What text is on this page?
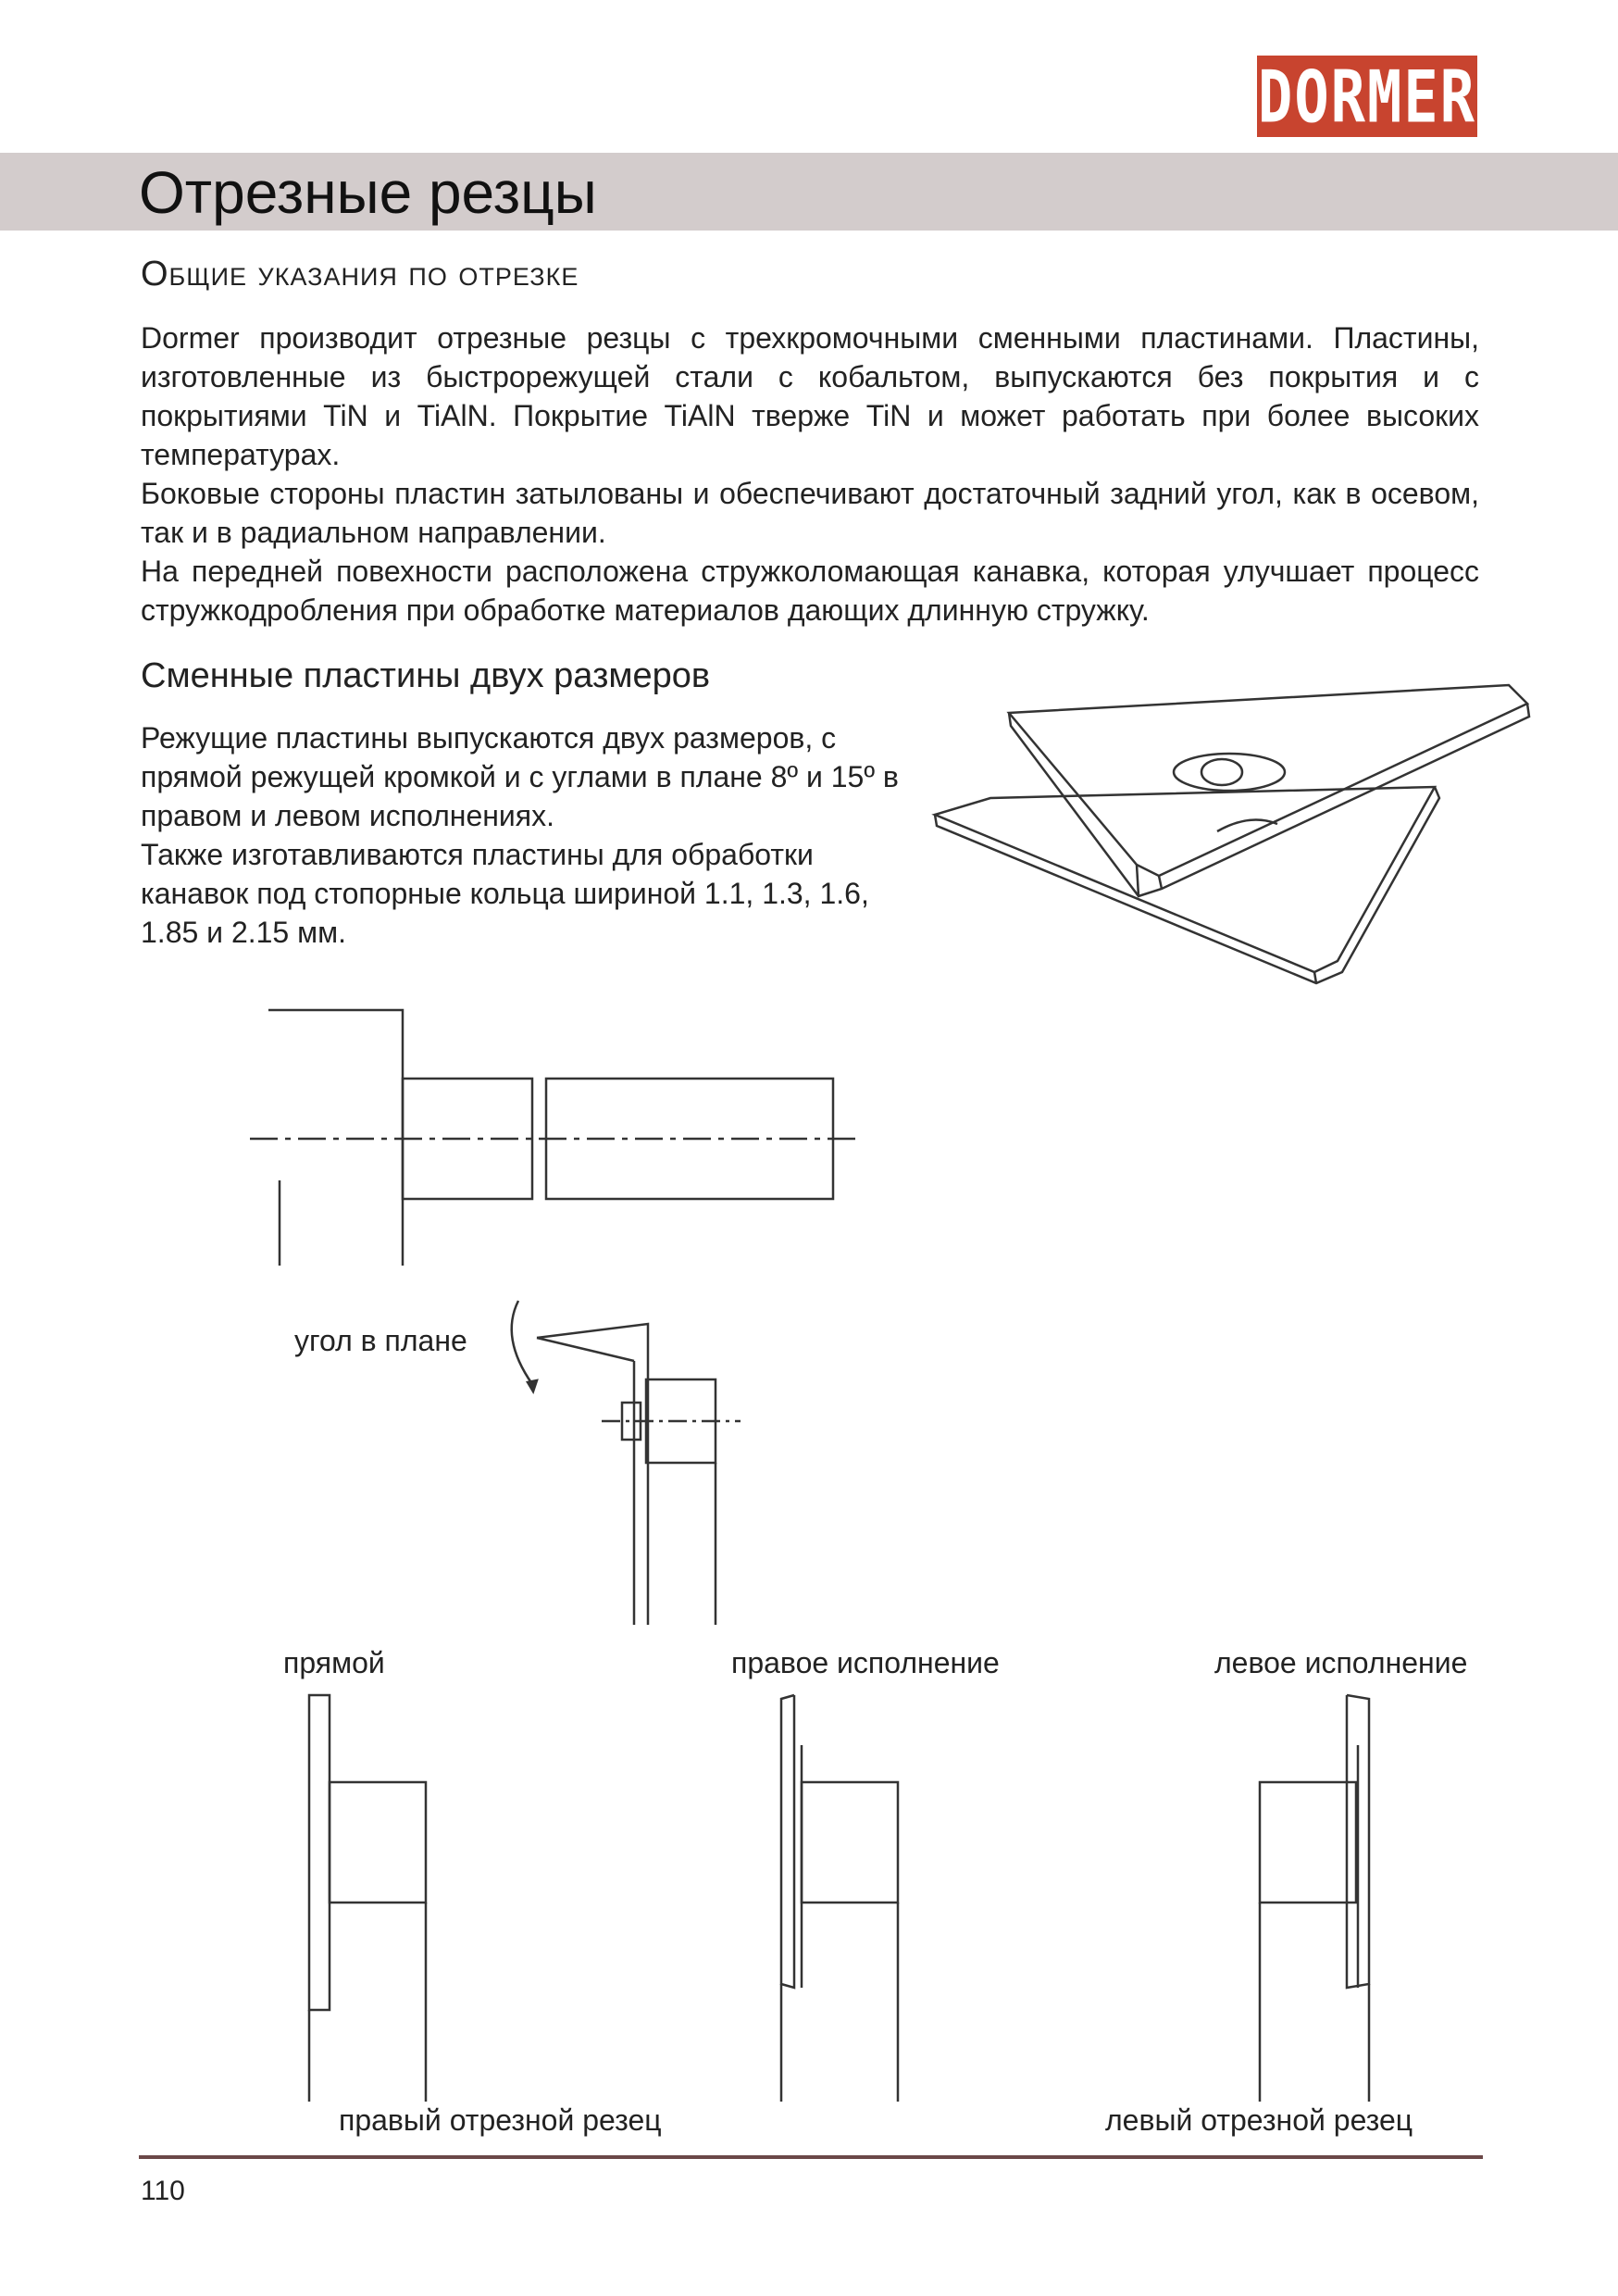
DORMER
Отрезные резцы
Общие указания по отрезке

Dormer производит отрезные резцы с трехкромочными сменными пластинами. Пластины, изготовленные из быстрорежущей стали с кобальтом, выпускаются без покрытия и с покрытиями TiN и TiAlN. Покрытие TiAlN тверже TiN и может работать при более высоких температурах.

Боковые стороны пластин затылованы и обеспечивают достаточный задний угол, как в осевом, так и в радиальном направлении.

На передней повехности расположена стружколомающая канавка, которая улучшает процесс стружкодробления при обработке материалов дающих длинную стружку.

Сменные пластины двух размеров
Режущие пластины выпускаются двух размеров, с прямой режущей кромкой и с углами в плане 8º и 15º в правом и левом исполнениях.
Также изготавливаются пластины для обработки канавок под стопорные кольца шириной 1.1, 1.3, 1.6, 1.85 и 2.15 мм.
угол в плане
прямой	правое исполнение	левое исполнение
правый отрезной резец	левый отрезной резец
110
